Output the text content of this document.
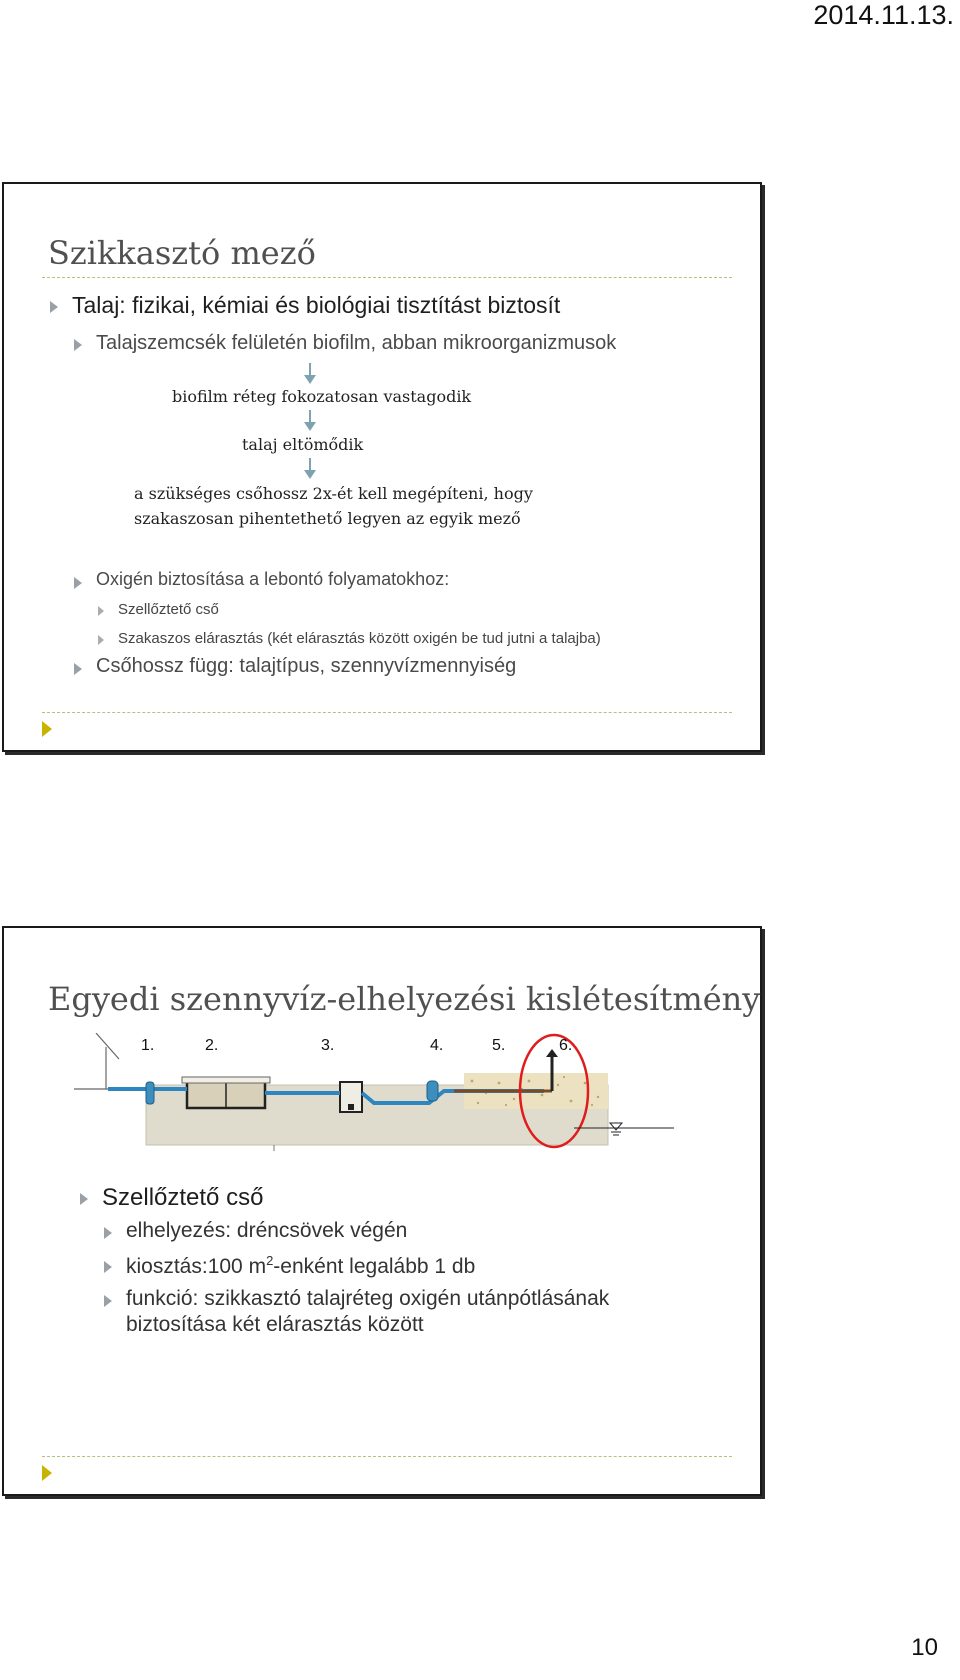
2014.11.13.
Szikkasztó mező
Talaj: fizikai, kémiai és biológiai tisztítást biztosít
Talajszemcsék felületén biofilm, abban mikroorganizmusok
biofilm réteg fokozatosan vastagodik
talaj eltömődik
a szükséges csőhossz 2x-ét kell megépíteni, hogy
szakaszosan pihentethető legyen az egyik mező
Oxigén biztosítása a lebontó folyamatokhoz:
Szellőztető cső
Szakaszos elárasztás (két elárasztás között oxigén be tud jutni a talajba)
Csőhossz függ: talajtípus, szennyvízmennyiség
Egyedi szennyvíz-elhelyezési kislétesítmény
1.	2.	3.	4.	5.	6.
Szellőztető cső
elhelyezés: dréncsövek végén
kiosztás:100 $m^2$-enként legalább 1 db
funkció: szikkasztó talajréteg oxigén utánpótlásának
biztosítása két elárasztás között
10
